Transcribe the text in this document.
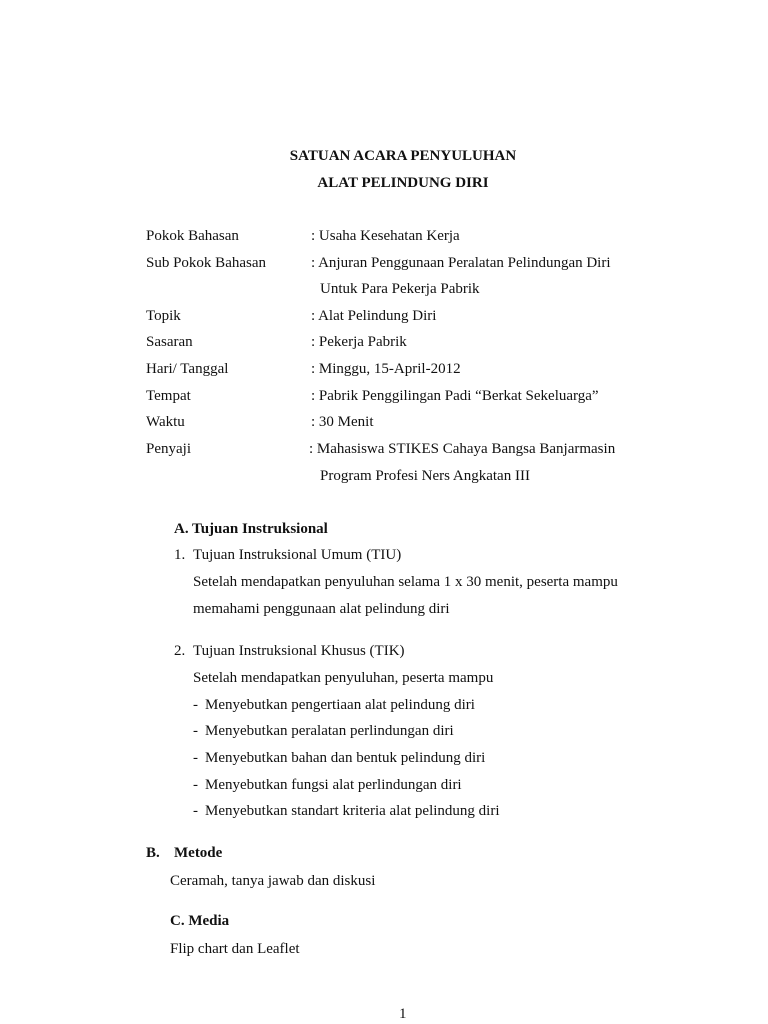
SATUAN ACARA PENYULUHAN
ALAT PELINDUNG DIRI
Pokok Bahasan	: Usaha Kesehatan Kerja
Sub Pokok Bahasan	: Anjuran Penggunaan Peralatan Pelindungan Diri
Untuk Para Pekerja Pabrik
Topik	: Alat Pelindung Diri
Sasaran	: Pekerja Pabrik
Hari/ Tanggal	: Minggu, 15-April-2012
Tempat	: Pabrik Penggilingan Padi “Berkat Sekeluarga”
Waktu	: 30 Menit
Penyaji	: Mahasiswa STIKES Cahaya Bangsa Banjarmasin
Program Profesi Ners Angkatan III
A. Tujuan Instruksional
1. Tujuan Instruksional Umum (TIU)
Setelah mendapatkan penyuluhan selama 1 x 30 menit, peserta mampu
memahami penggunaan alat pelindung diri
2. Tujuan Instruksional Khusus (TIK)
Setelah mendapatkan penyuluhan, peserta mampu
- Menyebutkan pengertiaan alat pelindung diri
- Menyebutkan peralatan perlindungan diri
- Menyebutkan bahan dan bentuk pelindung diri
- Menyebutkan fungsi alat perlindungan diri
- Menyebutkan standart kriteria alat pelindung diri
B. Metode
Ceramah, tanya jawab dan diskusi
C. Media
Flip chart dan Leaflet
1
